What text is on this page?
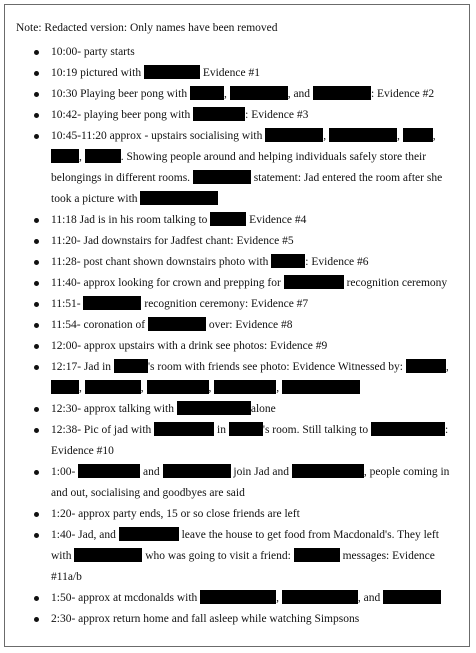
Note: Redacted version: Only names have been removed
10:00- party starts
10:19 pictured with	Evidence #1
10:30 Playing beer pong with	,	, and	: Evidence #2
10:42- playing beer pong with	: Evidence #3
10:45-11:20 approx - upstairs socialising with	,	,	, ,	. Showing people around and helping individuals safely store their belongings in different rooms.	statement: Jad entered the room after she took a picture with
11:18 Jad is in his room talking to	Evidence #4
11:20- Jad downstairs for Jadfest chant: Evidence #5
11:28- post chant shown downstairs photo with	: Evidence #6
11:40- approx looking for crown and prepping for	recognition ceremony
11:51-	recognition ceremony: Evidence #7
11:54- coronation of	over: Evidence #8
12:00- approx upstairs with a drink see photos: Evidence #9
12:17- Jad in	's room with friends see photo: Evidence Witnessed by:	, ,	,	,	,
12:30- approx talking with	alone
12:38- Pic of jad with	in	's room. Still talking to	: Evidence #10
1:00-	and	join Jad and	, people coming in and out, socialising and goodbyes are said
1:20- approx party ends, 15 or so close friends are left
1:40- Jad, and	leave the house to get food from Macdonald's. They left with	who was going to visit a friend:	messages: Evidence #11a/b
1:50- approx at mcdonalds with	,	, and
2:30- approx return home and fall asleep while watching Simpsons
